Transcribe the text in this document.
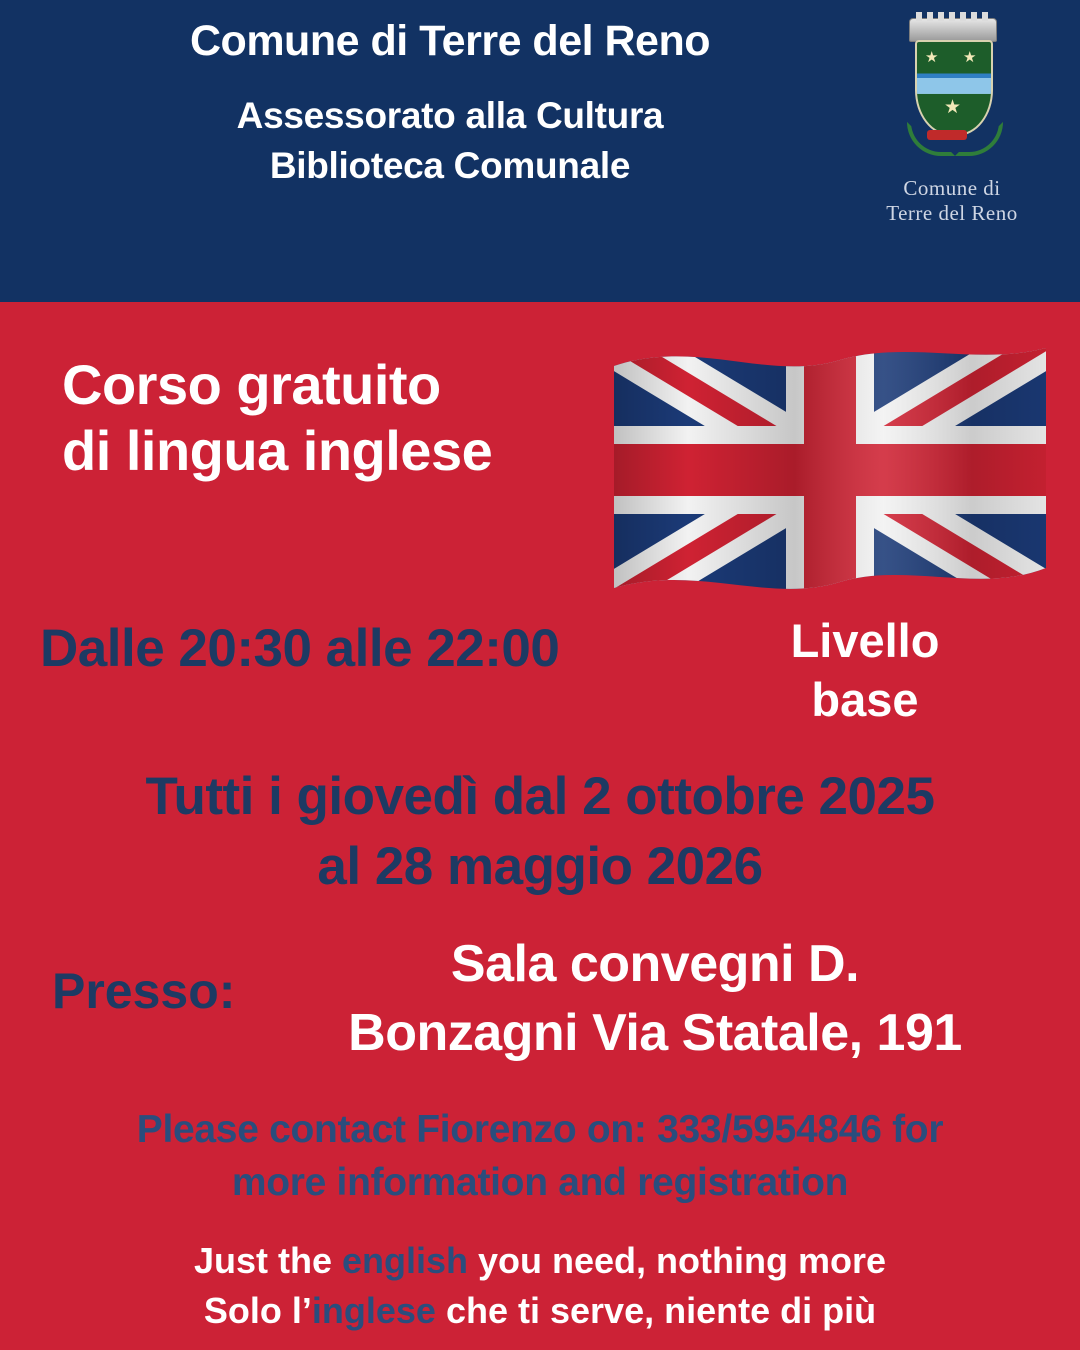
Comune di Terre del Reno
Assessorato alla Cultura
Biblioteca Comunale
★ ★
★
Comune di
Terre del Reno
Corso gratuito
di lingua inglese
Dalle 20:30 alle 22:00	Livello
base
Tutti i giovedì dal 2 ottobre 2025
al 28 maggio 2026
Presso:	Sala convegni D.
Bonzagni Via Statale, 191
Please contact Fiorenzo on: 333/5954846 for
more information and registration
Just the english you need, nothing more
Solo l’inglese che ti serve, niente di più
